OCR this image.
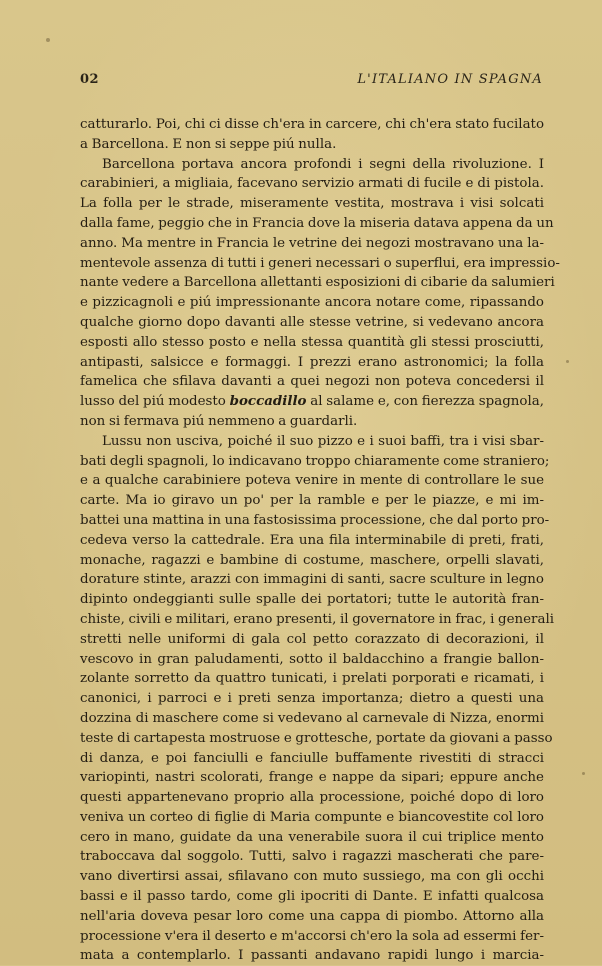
02	L'ITALIANO IN SPAGNA
catturarlo. Poi, chi ci disse ch'era in carcere, chi ch'era stato fucilato
a Barcellona. E non si seppe piú nulla.
Barcellona portava ancora profondi i segni della rivoluzione. I
carabinieri, a migliaia, facevano servizio armati di fucile e di pistola.
La folla per le strade, miseramente vestita, mostrava i visi solcati
dalla fame, peggio che in Francia dove la miseria datava appena da un
anno. Ma mentre in Francia le vetrine dei negozi mostravano una la-
mentevole assenza di tutti i generi necessari o superflui, era impressio-
nante vedere a Barcellona allettanti esposizioni di cibarie da salumieri
e pizzicagnoli e piú impressionante ancora notare come, ripassando
qualche giorno dopo davanti alle stesse vetrine, si vedevano ancora
esposti allo stesso posto e nella stessa quantità gli stessi prosciutti,
antipasti, salsicce e formaggi. I prezzi erano astronomici; la folla
famelica che sfilava davanti a quei negozi non poteva concedersi il
lusso del piú modesto boccadillo al salame e, con fierezza spagnola,
non si fermava piú nemmeno a guardarli.
Lussu non usciva, poiché il suo pizzo e i suoi baffi, tra i visi sbar-
bati degli spagnoli, lo indicavano troppo chiaramente come straniero;
e a qualche carabiniere poteva venire in mente di controllare le sue
carte. Ma io giravo un po' per la ramble e per le piazze, e mi im-
battei una mattina in una fastosissima processione, che dal porto pro-
cedeva verso la cattedrale. Era una fila interminabile di preti, frati,
monache, ragazzi e bambine di costume, maschere, orpelli slavati,
dorature stinte, arazzi con immagini di santi, sacre sculture in legno
dipinto ondeggianti sulle spalle dei portatori; tutte le autorità fran-
chiste, civili e militari, erano presenti, il governatore in frac, i generali
stretti nelle uniformi di gala col petto corazzato di decorazioni, il
vescovo in gran paludamenti, sotto il baldacchino a frangie ballon-
zolante sorretto da quattro tunicati, i prelati porporati e ricamati, i
canonici, i parroci e i preti senza importanza; dietro a questi una
dozzina di maschere come si vedevano al carnevale di Nizza, enormi
teste di cartapesta mostruose e grottesche, portate da giovani a passo
di danza, e poi fanciulli e fanciulle buffamente rivestiti di stracci
variopinti, nastri scolorati, frange e nappe da sipari; eppure anche
questi appartenevano proprio alla processione, poiché dopo di loro
veniva un corteo di figlie di Maria compunte e biancovestite col loro
cero in mano, guidate da una venerabile suora il cui triplice mento
traboccava dal soggolo. Tutti, salvo i ragazzi mascherati che pare-
vano divertirsi assai, sfilavano con muto sussiego, ma con gli occhi
bassi e il passo tardo, come gli ipocriti di Dante. E infatti qualcosa
nell'aria doveva pesar loro come una cappa di piombo. Attorno alla
processione v'era il deserto e m'accorsi ch'ero la sola ad essermi fer-
mata a contemplarlo. I passanti andavano rapidi lungo i marcia-
